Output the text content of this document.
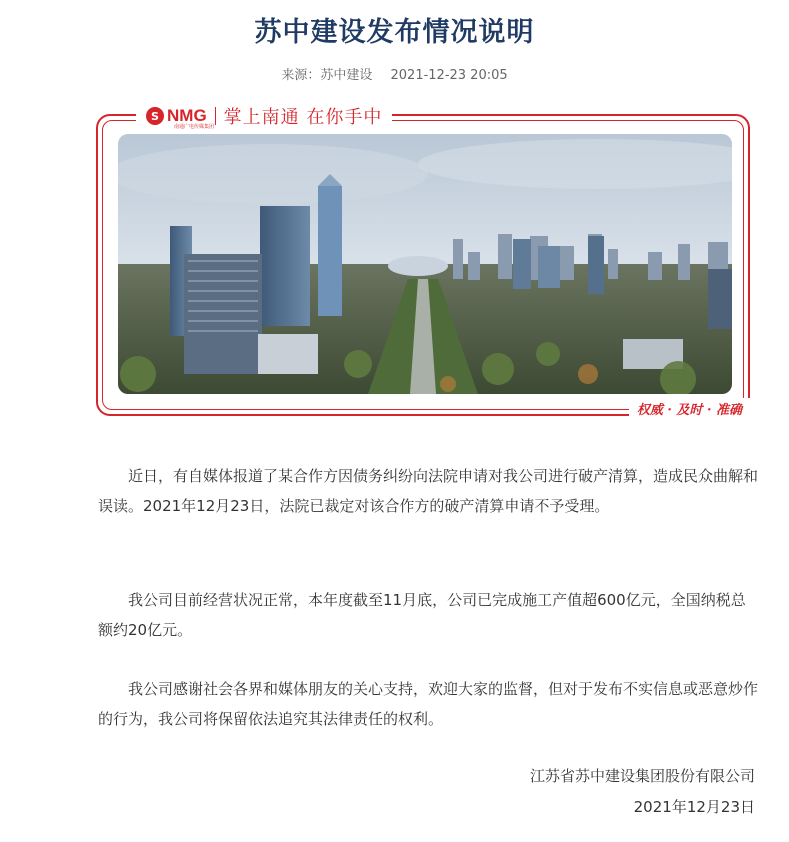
苏中建设发布情况说明
来源：苏中建设 2021-12-23 20:05
S NMG
南通广电传媒集团 掌上南通 在你手中
权威 · 及时 · 准确

近日，有自媒体报道了某合作方因债务纠纷向法院申请对我公司进行破产清算，造成民众曲解和误读。2021年12月23日，法院已裁定对该合作方的破产清算申请不予受理。

我公司目前经营状况正常，本年度截至11月底，公司已完成施工产值超600亿元，全国纳税总额约20亿元。

我公司感谢社会各界和媒体朋友的关心支持，欢迎大家的监督，但对于发布不实信息或恶意炒作的行为，我公司将保留依法追究其法律责任的权利。

江苏省苏中建设集团股份有限公司
2021年12月23日
